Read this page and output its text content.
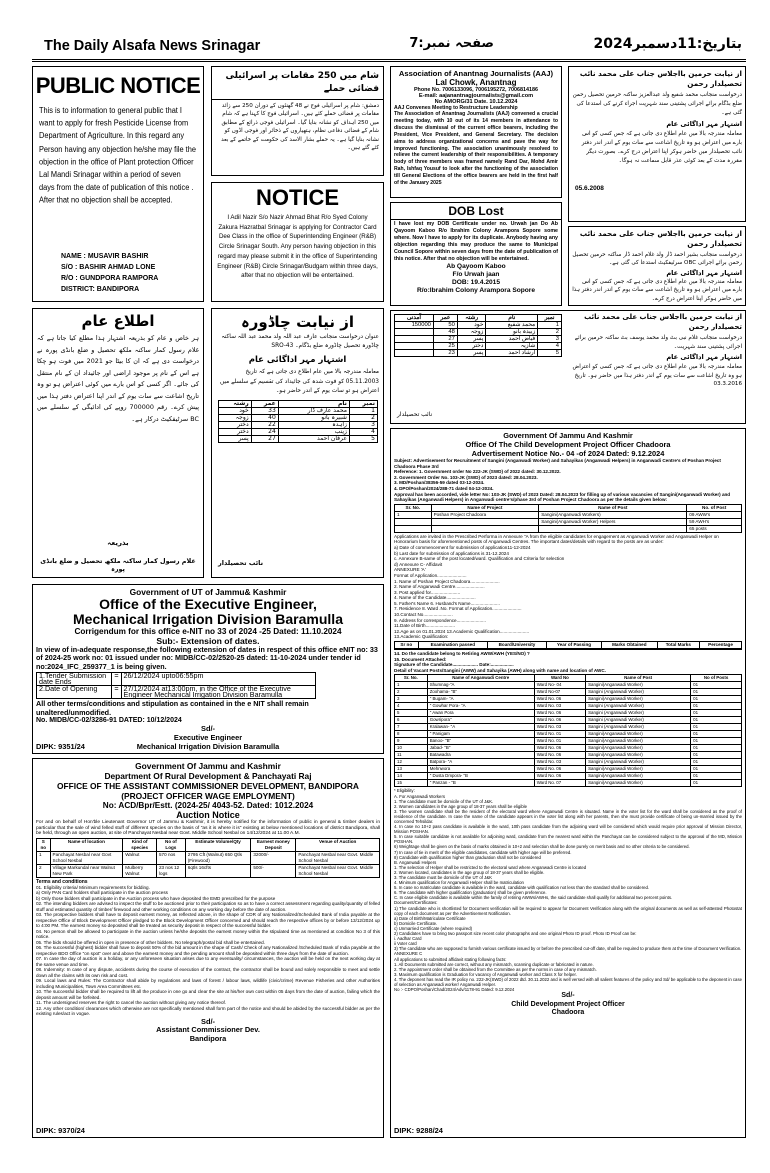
The Daily Alsafa News Srinagar	صفحہ نمبر:7	بتاریخ:11دسمبر2024
PUBLIC NOTICE
This is to information to general public that I want to apply for fresh Pesticide License from Department of Agriculture. In this regard any Person having any objection he/she may file the objection in the office of Plant protection Officer Lal Mandi Srinagar within a period of seven days from the date of publication of this notice . After that no objection shall be accepted.
NAME : MUSAVIR BASHIR
S/O : BASHIR AHMAD LONE
R/O : GUNDPORA RAMPORA
DISTRICT: BANDIPORA
شام میں 250 مقامات پر اسرائیلی فضائی حملے
دمشق: شام پر اسرائیلی فوج نے 48 گھنٹوں کے دوران 250 سے زائد مقامات پر فضائی حملے کئے ہیں۔ اسرائیلی فوج کا کہنا ہے کہ شام میں 250 اہداف کو نشانہ بنایا گیا۔ اسرائیلی فوجی ذرائع کے مطابق شام کے فضائی دفاعی نظام، ہتھیاروں کے ذخائر اور فوجی اڈوں کو نشانہ بنایا گیا ہے۔ یہ حملے بشار الاسد کی حکومت کے خاتمے کے بعد کئے گئے ہیں۔
NOTICE
I Adil Nazir S/o Nazir Ahmad Bhat R/o Syed Colony Zakura Hazratbal Srinagar is applying for Contractor Card Dee Class in the office of Superintending Engineer (R&B) Circle Srinagar South. Any person having objection in this regard may please submit it in the office of Superintending Engineer (R&B) Circle Srinagar/Budgam within three days, after that no objection will be entertained.
Association of Anantnag Journalists (AAJ)
Lal Chowk, Anantnag
Phone No. 7006133096, 7006195272, 7006814186
E-mail: aajanantnagjournalists@gmail.com
No AMORG/31 Date. 10.12.2024
AAJ Convenes Meeting to Restructure Leadership
The Association of Anantnag Journalists (AAJ) convened a crucial meeting today, with 10 out of its 14 members in attendance to discuss the dismissal of the current office bearers, including the President, Vice President, and General Secretary. The decision aims to address organizational concerns and pave the way for improved functioning. The association unanimously resolved to relieve the current leadership of their responsibilities. A temporary body of three members was framed namely Rand Dar, Mohd Amir Rah, Ishfaq Yousuf to look after the functioning of the association till General Elections of the office bearers are held in the first half of the January 2025
DOB Lost
I have lost my DOB Certificate under no. Urwah jan Do Ab Qayoom Kaboo R/o Ibrahim Colony Arampora Sopore some where. Now I have to apply for its duplicate. Anybody having any objection regarding this may produce the same to Municipal Council Sopore within seven days from the date of publication of this notice. After that no objection will be entertained.
Ab Qayoom Kaboo
F/o Urwah jaan
DOB: 19.4.2015
R/o:Ibrahim Colony Arampora Sopore
از نیابت حرمین بااجلاس جناب علی محمد نائب تحصیلدار رحمن
درخواست منجانب محمد شفیع ولد عبدالعزیز ساکنہ حرمین تحصیل رحمن ضلع بڈگام برائے اجرائی پشتینی سند شہریت اجراء کرنے کی استدعا کی گئی ہے۔
اشتہار مہر اداگائی عام
معاملہ مندرجہ بالا میں عام اطلاع دی جاتی ہے کہ جس کسی کو اس بارے میں اعتراض ہو وہ تاریخ اشاعت سے سات یوم کے اندر اندر دفتر نائب تحصیلدار میں حاضر ہوکر اپنا اعتراض درج کرے۔ بصورت دیگر مقررہ مدت کے بعد کوئی عذر قابل سماعت نہ ہوگا۔
05.6.2008
از نیابت حرمین بااجلاس جناب علی محمد نائب تحصیلدار رحمن
درخواست منجانب بشیر احمد ڈار ولد غلام احمد ڈار ساکنہ حرمین تحصیل رحمن برائے اجرائی OBC سرٹیفکیٹ استدعا کی گئی ہے۔
اشتہار مہر اداگائی عام
معاملہ مندرجہ بالا میں عام اطلاع دی جاتی ہے کہ جس کسی کو اس بارے میں اعتراض ہو وہ تاریخ اشاعت سے سات یوم کے اندر اندر دفتر ہذا میں حاضر ہوکر اپنا اعتراض درج کرے۔
اطلاع عام
ہر خاص و عام کو بذریعہ اشتہار ہذا مطلع کیا جاتا ہے کہ غلام رسول کمار ساکنہ ملکھ تحصیل و ضلع بانڈی پورہ نے درخواست دی ہے کہ ان کا بیٹا جو 2021 میں فوت ہو چکا ہے اس کے نام پر موجود اراضی اور جائیداد ان کے نام منتقل کی جائے۔ اگر کسی کو اس بارے میں کوئی اعتراض ہو تو وہ تاریخ اشاعت سے سات یوم کے اندر اپنا اعتراض دفتر ہذا میں پیش کرے۔ رقم 700000 روپے کی ادائیگی کے سلسلے میں BC سرٹیفکیٹ درکار ہے۔
بذریعہ
غلام رسول کمار ساکنہ ملکھ تحصیل و ضلع بانڈی پورہ
از نیابت چاڈورہ
عنوان درخواست منجانب عارف عبد اللہ ولد محمد عبد اللہ ساکنہ چاڈورہ تحصیل چاڈورہ ضلع بڈگام۔ SRO-43
اشتہار مہر اداگائی عام
معاملہ مندرجہ بالا میں عام اطلاع دی جاتی ہے کہ تاریخ 05.11.2003 کو فوت شدہ کی جائیداد کی تقسیم کے سلسلے میں اعتراض ہو تو سات یوم کے اندر حاضر ہو۔
نمبر	نام	عمر	رشتہ
1	محمد عارف ڈار	33	خود
2	شبیرہ بانو	40	زوجہ
3	زاہدہ	22	دختر
4	زینب	24	دختر
5	عرفان احمد	27	پسر
نائب تحصیلدار
از نیابت حرمین بااجلاس جناب علی محمد نائب تحصیلدار رحمن
درخواست منجانب غلام نبی بٹ ولد محمد یوسف بٹ ساکنہ حرمین برائے اجرائی پشتینی سند شہریت۔
اشتہار مہر اداگائی عام
معاملہ مندرجہ بالا میں عام اطلاع دی جاتی ہے کہ جس کسی کو اعتراض ہو وہ تاریخ اشاعت سے سات یوم کے اندر دفتر ہذا میں حاضر ہو۔ تاریخ 03.3.2016
نمبر	نام	رشتہ	عمر	آمدنی
1	محمد شفیع	خود	50	150000
2	زبیدہ بانو	زوجہ	48	
3	فیاض احمد	پسر	27	
4	شازیہ	دختر	25	
5	ارشاد احمد	پسر	23	
نائب تحصیلدار
Government of UT of Jammu& Kashmir
Office of the Executive Engineer,
Mechanical Irrigation Division Baramulla
Corrigendum for this office e-NIT no 33 of 2024 -25 Dated: 11.10.2024
Sub:- Extension of dates.
In view of in-adequate response,the following extension of dates in respect of this office eNIT no: 33 of 2024-25 work no: 01 issued under no: MIDB/CC-02/2520-25 dated: 11-10-2024 under tender id no:2024_IFC_259377_1 is being given.
1.Tender Submission date Ends	=	26/12/2024 upto06:55pm
2.Date of Opening	=	27/12/2024 at13:00pm, in the Office of the Executive Engineer Mechanical Irrigation Division Baramulla
All other terms/conditions and stipulation as contained in the e NIT shall remain unaltered/unmodified.
No. MIDB/CC-02/3286-91 DATED: 10/12/2024
Sd/-
Executive Engineer
Mechanical Irrigation Division Baramulla
DIPK: 9351/24
Government Of Jammu and Kashmir
Department Of Rural Development & Panchayati Raj
OFFICE OF THE ASSISTANT COMMISSIONER DEVELOPMENT, BANDIPORA (PROJECT OFFICER WAGE EMPLOYMENT)
No: ACD/Bpr/Estt. (2024-25/ 4043-52. Dated: 1012.2024
Auction Notice
For and on behalf of Hon'ble Lieutenant Governor UT of Jammu & Kashmir, it is hereby notified for the information of public in general & timber dealers in particular that the sale of wind felled stuff of different species on the basis of "as it is where it is" existing at below mentioned locations of district Bandipora, shall be held, through an open auction, at site of Panchayat Nesbal near Govt. Middle School Nesbal on 14/12/2024 at 11.00 A.M.
S no	Name of location	Kind of species	No of Logs	Estimate Volume/Qty	Earnest money Deposit	Venue of Auction
1	Panchayat Nesbal near Govt School Nesbal	Walnut	570 nos	2795 Cft (Walnut) 650 Qtls (Firewood)	32000/-	Panchayat Nesbal near Govt. Middle School Nesbal
2	Village Markundal near Walnut New Park	Mulberry Walnut	23 nos 12 logs	6qtls 16cfts	500/-	Panchayat Nesbal near Govt. Middle School Nesbal
Terms and conditions
01. Eligibility criteria/ Minimum requirements for bidding.
a) Only PAN Card holders shall participate in the auction process
b) Only those bidders shall participate in the Auction process who have deposited the EMD prescribed for the purpose
02. The intending bidders are advised to inspect the stuff to be auctioned prior to their participation so as to have a correct assessment regarding quality/quantity of felled stuff and estimated quantity of timber/ firewood and other working conditions on any working day before the date of auction.
03. The prospective bidders shall have to deposit earnest money, as reflected above, in the shape of CDR of any Nationalized/Scheduled Bank of India payable at the respective Office of Block Development Officer pledged to the Block Development Officer concerned and should reach the respective offices by or before 13/12/2024 up to 4:00 PM. The earnest money so deposited shall be treated as security deposit in respect of the successful bidder.
04. No person shall be allowed to participate in the auction unless he/she deposits the earnest money within the stipulated time as mentioned at condition No 3 of this notice.
05. The bids should be offered in open in presence of other bidders. No telegraph/postal bid shall be entertained.
06. The successful (highest) bidder shall have to deposit 50% of the bid amount in the shape of Cash/ Check of any Nationalized /Scheduled Bank of India payable at the respective BDO Office "on spot" over and above the earnest money and the pending amount shall be deposited within three days from the date of auction.
07. In case the day of auction is a holiday, or any unforeseen situation arises due to any eventuality/ circumstances, the auction will be held on the next working day at the same venue and time.
08. Indemnity: In case of any dispute, accidents during the course of execution of the contract, the contractor shall be bound and solely responsible to meet and settle down all the claims with its own risk and cost.
09. Local laws and Rules: The Contractor shall abide by regulations and laws of forest / labour laws, wildlife (civic/crime) Revenue Fisheries and other Authorities including Municipalities, Town Area Committees etc.
10. The successful bidder shall be required to lift all the produce in one go and clear the site at his/her own cost within 05 days from the date of auction, failing which the deposit amount will be forfeited.
11. The undersigned reserves the right to cancel the auction without giving any notice thereof.
12. Any other condition/ clearances which otherwise are not specifically mentioned shall form part of the notice and should be abided by the successful bidder as per the existing rules/act in vogue.
Sd/-
Assistant Commissioner Dev.
Bandipora
DIPK: 9370/24
Government Of Jammu And Kashmir
Office Of The Child Development Project Officer Chadoora
Advertisement Notice No.- 04 -of 2024 Dated: 9.12.2024
Subject: Advertisement for Recruitment of Sangini (Anganwadi Worker) and Sahayikas (Anganwadi Helpers) in Anganwadi Centre's of Poshan Project Chadoora Phase 3rd
Reference: 1. Government order No 222-JK (SWD) of 2022 dated: 30.12.2022.
2. Government Order No. 103-JK (SWD) of 2023 dated: 28.04.2023.
3. MD/Poshan/38356-59 dated 03-12-2024.
4. DPO/Poshan/2024/288-71 dated 04-12-2024.
Approval has been accorded, vide letter No: 103-JK (SWD) of 2023 Dated: 28.04.2023 for filling up of various vacancies of Sangini(Anganwadi Worker) and Sahayikas (Anganwadi Helpers) in Anganwadi centre's/phase 3rd of Poshan Project Chadoora as per the details given below:
Sr. No.	Name of Project	Name of Post	No. of Post
1	Poshan Project Chadoora	Sangini(Anganwadi Workers)	09 AWW's
		Sangini(Anganwadi Worker) Helpers	59 AWH's
			65 posts
Applications are invited in the Prescribed Performa in Annexure "A from the eligible candidates for engagement as Anganwadi Worker and Anganwadi Helper on Honorarium basis for aforementioned posts of Anganwadi Centres. The important dates/details with regard to the posts are as under:
a) Date of commencement for submission of application11-12-2024
b) Last date for submission of applications is 31-12.2024
c. Annexure B-same of the post located/ward. Qualification and Criteria for selection
d) Annexure C- Affidavit
ANNEXURE 'A'
Format of Application.......................
1. Name of Poshan Project Chadoora.......................
2. Name of Anganwadi Centre.......................
3. Post applied for.......................
4. Name of the Candidate.......................
5. Father's Name 6. Husband's Name.......................
7. Residence 8. Ward .No. Format of Application.......................
10.Contact No.......................
9. Address for correspondence.......................
11.Date of Birth.......................
12.Age as on 01.01.2024 13.Academic Qualification.......................
13.Academic Qualification:
Sr no	Examination passed	Board/University	Year of Passing	Marks Obtained	Total Marks	Percentage

14. Do the candidate belong to Retiring AWW/AWH (YES/NO) ?
15. Document Attached:
Signature of the Candidate.................... Date:..................
Detail of Vacant Posts/Sangini (AWW) and Sahayika (AWH) along with name and location of AWC.
Sr. No.	Name of Anganwadi Centre	Ward No	Name of Post	No of Posts
1	Shumnag-"A	Ward No- 04	Sangini(Anganwadi Worker)	01
2	Zoohama- "B"	Ward No-07	Sangini (Anganwadi Worker)	01
3	" Bugam- "A	Ward No. 06	Sangini(Anganwadi Worker)	01
4	" Gowhar Pora- "A	Ward No. 03	Sangini (Anganwadi Worker)	01
5	" Awan Pora	Ward No. 06	Sangini (Anganwadi Worker)	01
6	Gowripora"	Ward No. 06	Sangini (Anganwadi Worker)	01
7	Kralawan- "A	Ward No. 03	Sangini (Anganwadi Worker)	01
8	" Panigam	Ward No. 01	Sangini(Anganwadi Worker)	01
9	Banoo- "B"	Ward No. 01	Sangini(Anganwadi Worker)	01
10	Jabad- "B"	Ward No. 06	Sangini(Anganwadi Worker)	01
11	Batawadra	Ward No. 06	Sangini(Anganwadi Worker)	01
12	Batpora- "A	Ward No. 03	Sangini (Anganwadi Worker)	01
13	Mehnwora	Ward No. 06	Sangini(Anganwadi Worker)	01
14	" Dusta Dmpora- "B	Ward No. 06	Sangini(Anganwadi Worker)	01
15	" Panzan - "B	Ward No. 07	Sangini(Anganwadi Worker)	01
* Eligibility:
A. For Anganwadi Workers
1. The candidate must be domicile of the UT of J&K.
2. Women candidates in the age group of 18-37 years shall be eligible
3. The women candidate shall be the resident of the electoral ward where Anganwadi Centre is situated. Name in the voter list for the ward shall be considered as the proof of residence of the candidate. In case the name of the candidate appears in the voter list along with her parents, then she must provide certificate of being un-married issued by the concerned Tehsildar.
4. In case no 10+2 pass candidate is available in the ward, 10th pass candidate from the adjoining ward will be considered which would require prior approval of Mission Director, Mission POSHAN.
5. In case suitable candidate is not available for adjoining ward, candidate from the nearest ward within the Panchayat can be considered subject to the approval of the MD, Mission POSHAN.
6) Weightage shall be given on the basis of marks obtained in 10+2 and selection shall be done purely on merit basis and no other criteria to be considered.
7) In case of tie in merit of the eligible candidates, candidate with higher age will be preferred.
8) Candidate with qualification higher than graduation shall not be considered
B. Anganwadi Helpers
1. The selection of Helper shall be restricted to the electoral ward where Anganwadi Centre is located
2. Women located, candidates in the age group of 18-37 years shall be eligible.
3. The candidate must be domicile of the UT of J&K
4. Minimum qualification for Anganwadi Helper shall be matriculation
5. In case no matriculate candidate is available in the ward, candidate with qualification not less than the standard shall be considered.
6. The candidate with higher qualification (graduation) shall be given preference.
C. In case eligible candidate is available within the family of retiring AWWs/AWHs, the said candidate shall qualify for additional two percent points.
Document/Certificates:
1) The candidate who is shortlisted for Document verification will be required to appear for Document Verification along with the original documents as well as self-attested Photostat copy of each document as per the Advertisement Notification.
a) Date of Birth/Matriculate Certificate
b) Domicile Certificate.
c) Unmarried Certificate (where required)
2) Candidates have to bring two passport size recent color photographs and one original Photo ID proof. Photo ID Proof can be:
i. Aadhar Card
ii Voter card
3) The candidate who are supposed to furnish various certificate issued by or before the prescribed cut-off date, shall be required to produce them at the time of Document Verification.
ANNEXURE C
All applications to submitted affidavit stating following facts:
1. All Documents submitted are correct, without any mismatch, scanning duplicate or fabricated in nature.
2. The appointment order shall be obtained from the Committee as per the norms in case of any mismatch.
3. Maximum qualification is Graduation for vacancy of Anganwadi worker and Class X for helper.
4. The deponent has read the IR policy no. 222-JK(SWD) of 2022 dtd. 30.11.2022 and is well versed with all salient features of the policy and Sd/ be applicable to the deponent in case of selection as Anganwadi worker/ Anganwadi Helper.
No :- CDPO/Poshan/Chad/2024/Adv/1178-91 Dated: 9.12.2024
Sd/-
Child Development Project Officer
Chadoora
DIPK: 9288/24
